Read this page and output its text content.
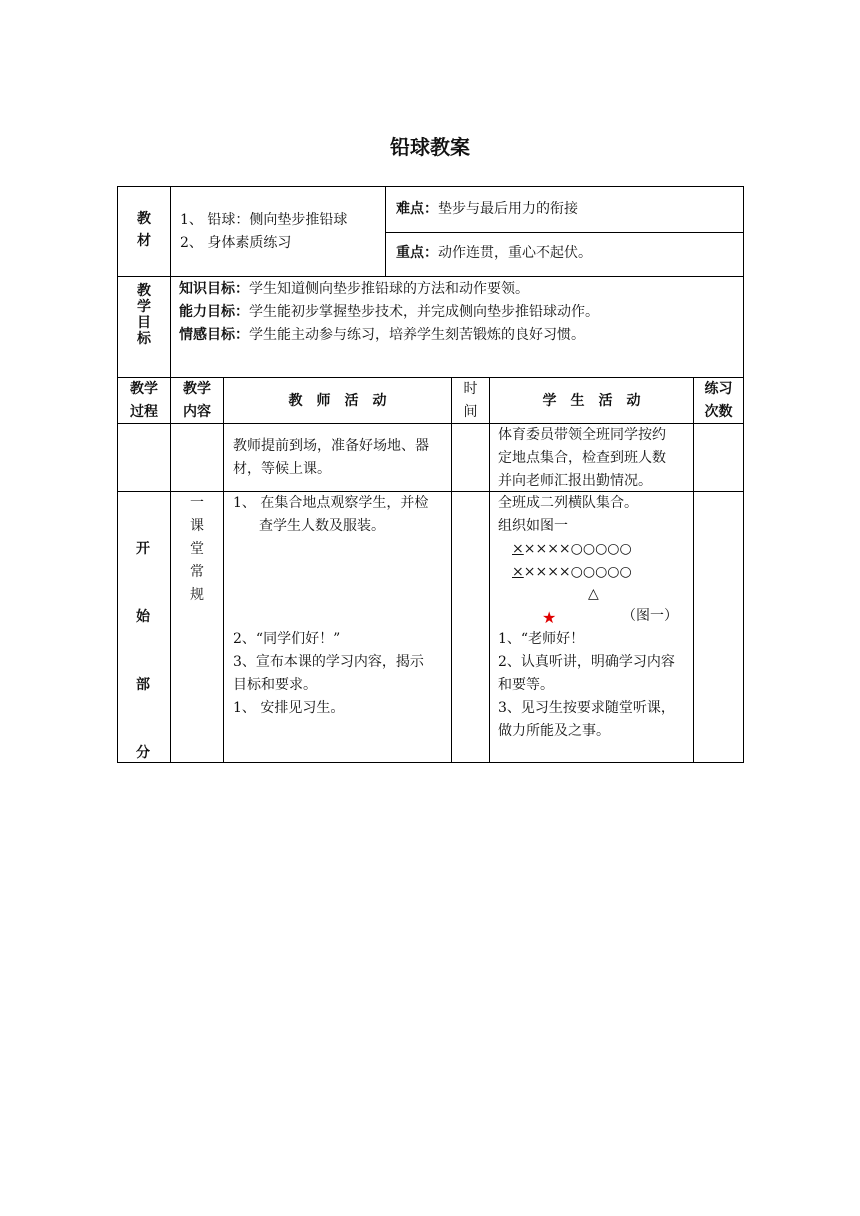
铅球教案
教材
1、 铅球：侧向垫步推铅球
2、 身体素质练习
难点：垫步与最后用力的衔接
重点：动作连贯，重心不起伏。
教学目标
知识目标：学生知道侧向垫步推铅球的方法和动作要领。
能力目标：学生能初步掌握垫步技术，并完成侧向垫步推铅球动作。
情感目标：学生能主动参与练习，培养学生刻苦锻炼的良好习惯。
教学
过程
教学
内容
教　师　活　动
时
间
学　生　活　动
练习
次数
教师提前到场，准备好场地、器
材，等候上课。
体育委员带领全班同学按约
定地点集合，检查到班人数
并向老师汇报出勤情况。
开
始
部
分
一
课
堂
常
规
1、 在集合地点观察学生，并检
查学生人数及服装。
2、“同学们好！”
3、宣布本课的学习内容，揭示
目标和要求。
1、 安排见习生。
全班成二列横队集合。
组织如图一
×××××○○○○○
×××××○○○○○
△
★	（图一）
1、“老师好！
2、认真听讲，明确学习内容
和要等。
3、见习生按要求随堂听课，
做力所能及之事。
